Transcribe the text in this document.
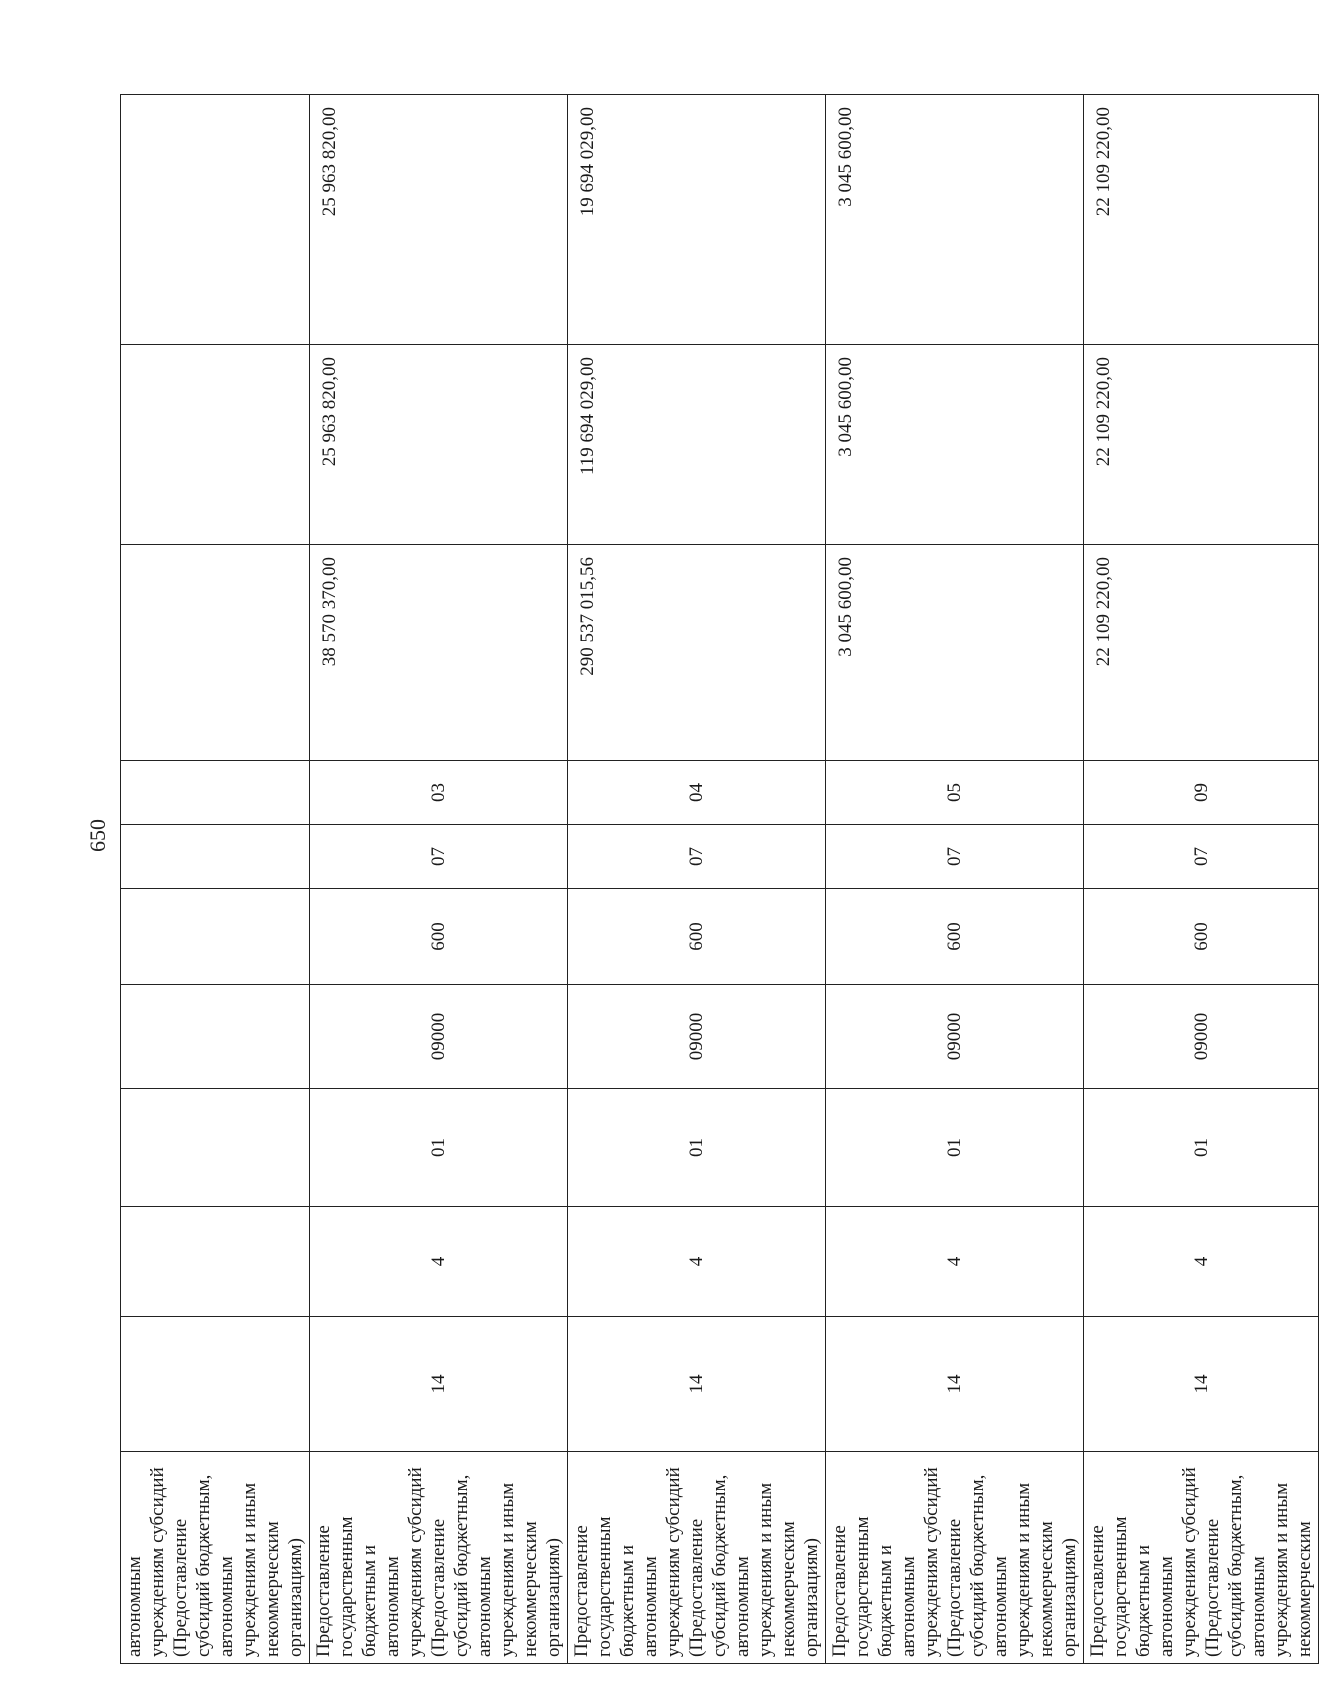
650
автономным учреждениям субсидий (Предоставление субсидий бюджетным, автономным учреждениям и иным некоммерческим организациям)										
Предоставление государственным бюджетным и автономным учреждениям субсидий (Предоставление субсидий бюджетным, автономным учреждениям и иным некоммерческим организациям)	14	4	01	09000	600	07	03	38 570 370,00	25 963 820,00	25 963 820,00
Предоставление государственным бюджетным и автономным учреждениям субсидий (Предоставление субсидий бюджетным, автономным учреждениям и иным некоммерческим организациям)	14	4	01	09000	600	07	04	290 537 015,56	119 694 029,00	19 694 029,00
Предоставление государственным бюджетным и автономным учреждениям субсидий (Предоставление субсидий бюджетным, автономным учреждениям и иным некоммерческим организациям)	14	4	01	09000	600	07	05	3 045 600,00	3 045 600,00	3 045 600,00
Предоставление государственным бюджетным и автономным учреждениям субсидий (Предоставление субсидий бюджетным, автономным учреждениям и иным некоммерческим	14	4	01	09000	600	07	09	22 109 220,00	22 109 220,00	22 109 220,00
